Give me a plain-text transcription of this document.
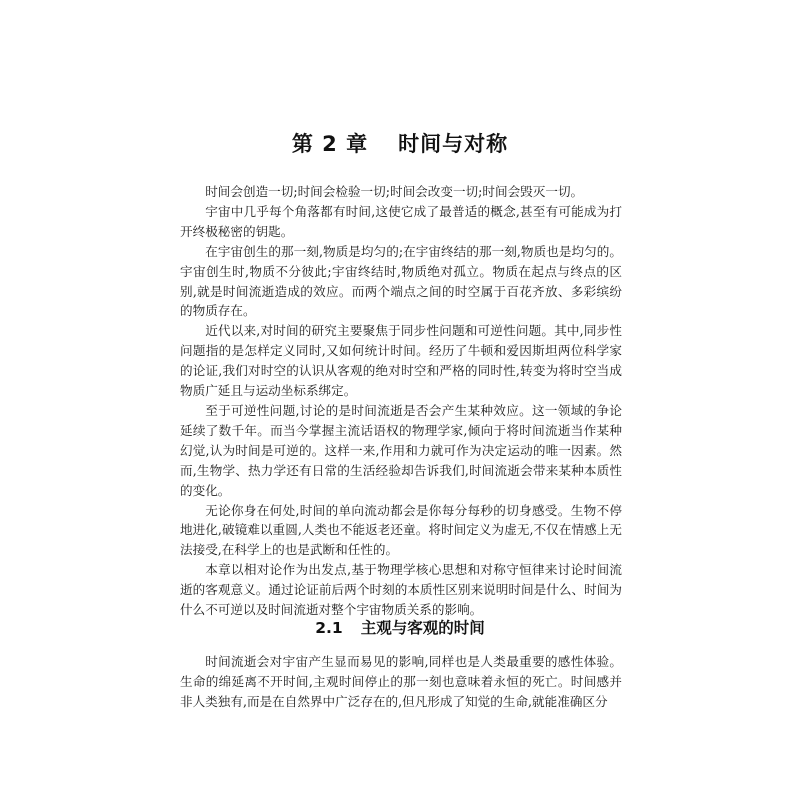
第 2 章 时间与对称

时间会创造一切;时间会检验一切;时间会改变一切;时间会毁灭一切。

宇宙中几乎每个角落都有时间,这使它成了最普适的概念,甚至有可能成为打开终极秘密的钥匙。

在宇宙创生的那一刻,物质是均匀的;在宇宙终结的那一刻,物质也是均匀的。宇宙创生时,物质不分彼此;宇宙终结时,物质绝对孤立。物质在起点与终点的区别,就是时间流逝造成的效应。而两个端点之间的时空属于百花齐放、多彩缤纷的物质存在。

近代以来,对时间的研究主要聚焦于同步性问题和可逆性问题。其中,同步性问题指的是怎样定义同时,又如何统计时间。经历了牛顿和爱因斯坦两位科学家的论证,我们对时空的认识从客观的绝对时空和严格的同时性,转变为将时空当成物质广延且与运动坐标系绑定。

至于可逆性问题,讨论的是时间流逝是否会产生某种效应。这一领域的争论延续了数千年。而当今掌握主流话语权的物理学家,倾向于将时间流逝当作某种幻觉,认为时间是可逆的。这样一来,作用和力就可作为决定运动的唯一因素。然而,生物学、热力学还有日常的生活经验却告诉我们,时间流逝会带来某种本质性的变化。

无论你身在何处,时间的单向流动都会是你每分每秒的切身感受。生物不停地进化,破镜难以重圆,人类也不能返老还童。将时间定义为虚无,不仅在情感上无法接受,在科学上的也是武断和任性的。

本章以相对论作为出发点,基于物理学核心思想和对称守恒律来讨论时间流逝的客观意义。通过论证前后两个时刻的本质性区别来说明时间是什么、时间为什么不可逆以及时间流逝对整个宇宙物质关系的影响。

2.1 主观与客观的时间

时间流逝会对宇宙产生显而易见的影响,同样也是人类最重要的感性体验。生命的绵延离不开时间,主观时间停止的那一刻也意味着永恒的死亡。时间感并非人类独有,而是在自然界中广泛存在的,但凡形成了知觉的生命,就能准确区分
